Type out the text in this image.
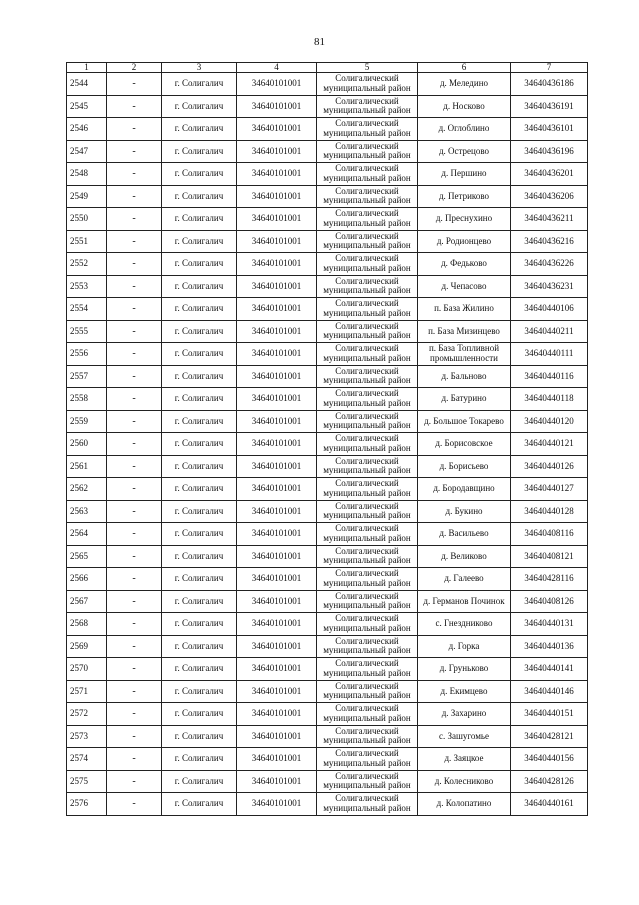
81
1	2	3	4	5	6	7
2544	-	г. Солигалич	34640101001	Солигалический муниципальный район	д. Меледино	34640436186
2545	-	г. Солигалич	34640101001	Солигалический муниципальный район	д. Носково	34640436191
2546	-	г. Солигалич	34640101001	Солигалический муниципальный район	д. Оглоблино	34640436101
2547	-	г. Солигалич	34640101001	Солигалический муниципальный район	д. Острецово	34640436196
2548	-	г. Солигалич	34640101001	Солигалический муниципальный район	д. Першино	34640436201
2549	-	г. Солигалич	34640101001	Солигалический муниципальный район	д. Петриково	34640436206
2550	-	г. Солигалич	34640101001	Солигалический муниципальный район	д. Преснухино	34640436211
2551	-	г. Солигалич	34640101001	Солигалический муниципальный район	д. Родионцево	34640436216
2552	-	г. Солигалич	34640101001	Солигалический муниципальный район	д. Федьково	34640436226
2553	-	г. Солигалич	34640101001	Солигалический муниципальный район	д. Чепасово	34640436231
2554	-	г. Солигалич	34640101001	Солигалический муниципальный район	п. База Жилино	34640440106
2555	-	г. Солигалич	34640101001	Солигалический муниципальный район	п. База Мизинцево	34640440211
2556	-	г. Солигалич	34640101001	Солигалический муниципальный район	п. База Топливной промышленности	34640440111
2557	-	г. Солигалич	34640101001	Солигалический муниципальный район	д. Бальново	34640440116
2558	-	г. Солигалич	34640101001	Солигалический муниципальный район	д. Батурино	34640440118
2559	-	г. Солигалич	34640101001	Солигалический муниципальный район	д. Большое Токарево	34640440120
2560	-	г. Солигалич	34640101001	Солигалический муниципальный район	д. Борисовское	34640440121
2561	-	г. Солигалич	34640101001	Солигалический муниципальный район	д. Борисьево	34640440126
2562	-	г. Солигалич	34640101001	Солигалический муниципальный район	д. Бородавщино	34640440127
2563	-	г. Солигалич	34640101001	Солигалический муниципальный район	д. Букино	34640440128
2564	-	г. Солигалич	34640101001	Солигалический муниципальный район	д. Васильево	34640408116
2565	-	г. Солигалич	34640101001	Солигалический муниципальный район	д. Великово	34640408121
2566	-	г. Солигалич	34640101001	Солигалический муниципальный район	д. Галеево	34640428116
2567	-	г. Солигалич	34640101001	Солигалический муниципальный район	д. Германов Починок	34640408126
2568	-	г. Солигалич	34640101001	Солигалический муниципальный район	с. Гнездниково	34640440131
2569	-	г. Солигалич	34640101001	Солигалический муниципальный район	д. Горка	34640440136
2570	-	г. Солигалич	34640101001	Солигалический муниципальный район	д. Груньково	34640440141
2571	-	г. Солигалич	34640101001	Солигалический муниципальный район	д. Екимцево	34640440146
2572	-	г. Солигалич	34640101001	Солигалический муниципальный район	д. Захарино	34640440151
2573	-	г. Солигалич	34640101001	Солигалический муниципальный район	с. Зашугомье	34640428121
2574	-	г. Солигалич	34640101001	Солигалический муниципальный район	д. Заяцкое	34640440156
2575	-	г. Солигалич	34640101001	Солигалический муниципальный район	д. Колесниково	34640428126
2576	-	г. Солигалич	34640101001	Солигалический муниципальный район	д. Колопатино	34640440161
